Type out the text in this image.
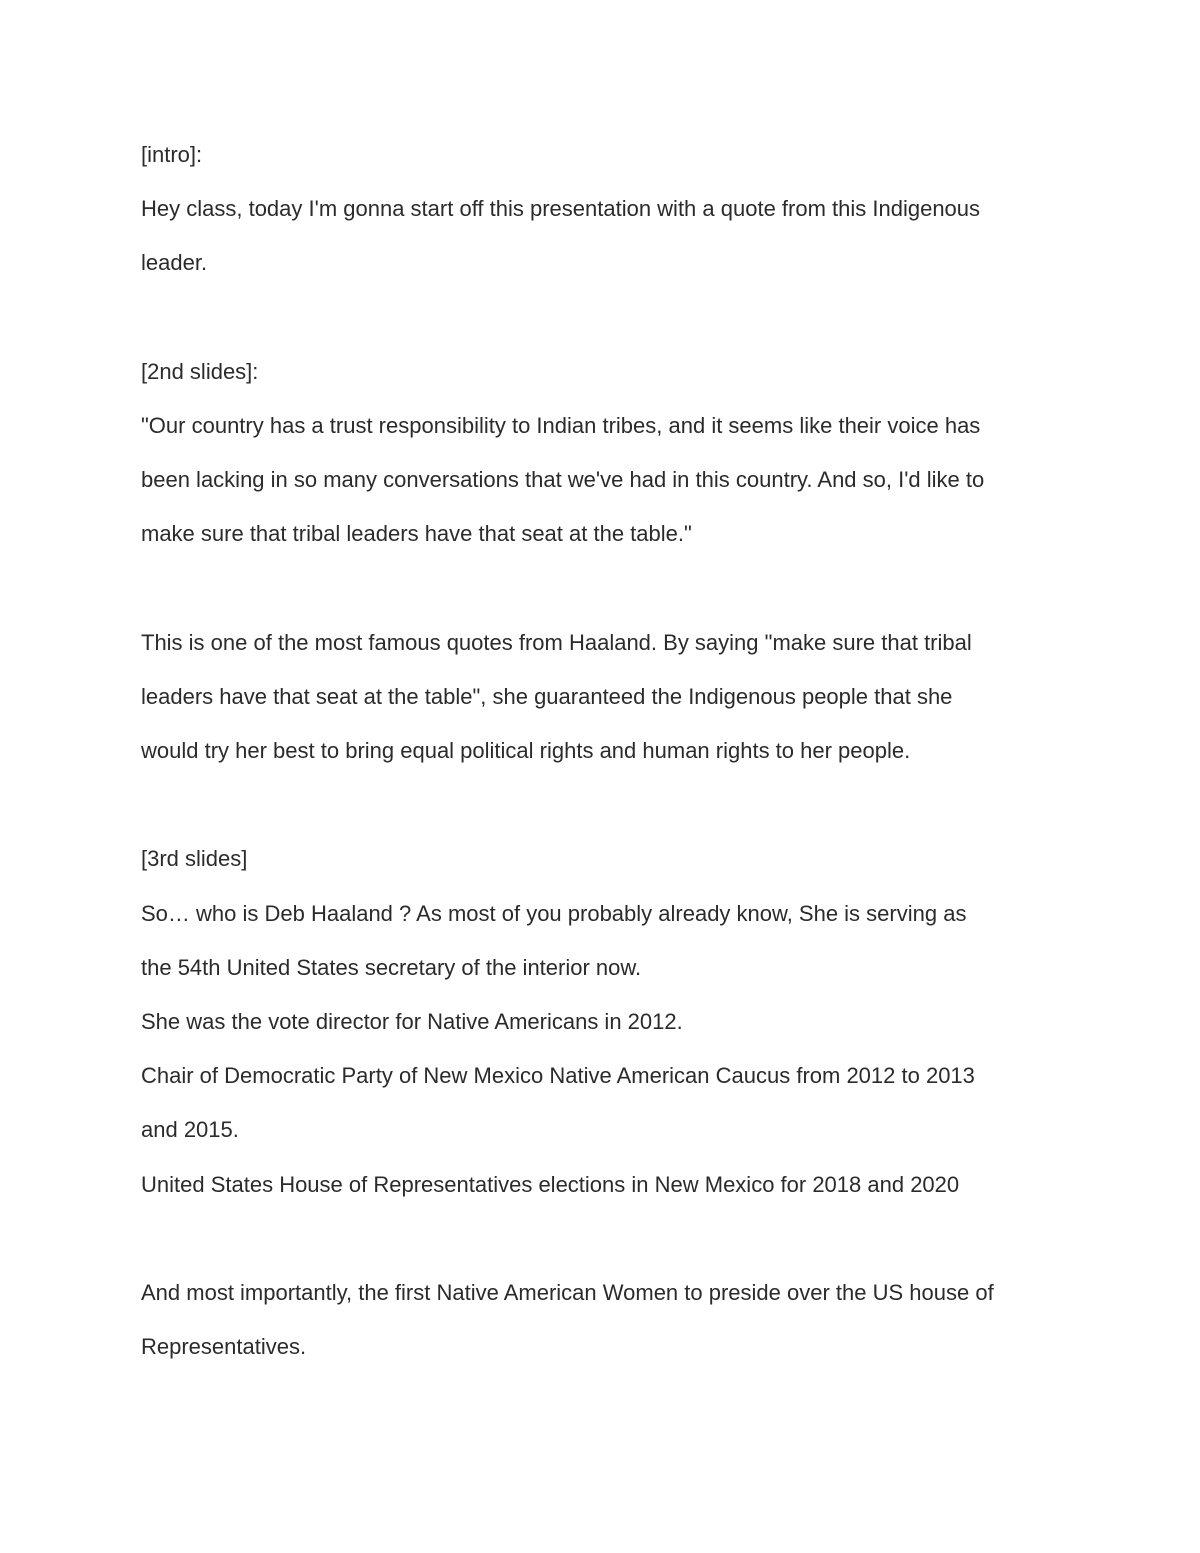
[intro]:
Hey class, today I'm gonna start off this presentation with a quote from this Indigenous
leader.
[2nd slides]:
"Our country has a trust responsibility to Indian tribes, and it seems like their voice has
been lacking in so many conversations that we've had in this country. And so, I'd like to
make sure that tribal leaders have that seat at the table."
This is one of the most famous quotes from Haaland. By saying "make sure that tribal
leaders have that seat at the table", she guaranteed the Indigenous people that she
would try her best to bring equal political rights and human rights to her people.
[3rd slides]
So… who is Deb Haaland ? As most of you probably already know, She is serving as
the 54th United States secretary of the interior now.
She was the vote director for Native Americans in 2012.
Chair of Democratic Party of New Mexico Native American Caucus from 2012 to 2013
and 2015.
United States House of Representatives elections in New Mexico for 2018 and 2020
And most importantly, the first Native American Women to preside over the US house of
Representatives.
